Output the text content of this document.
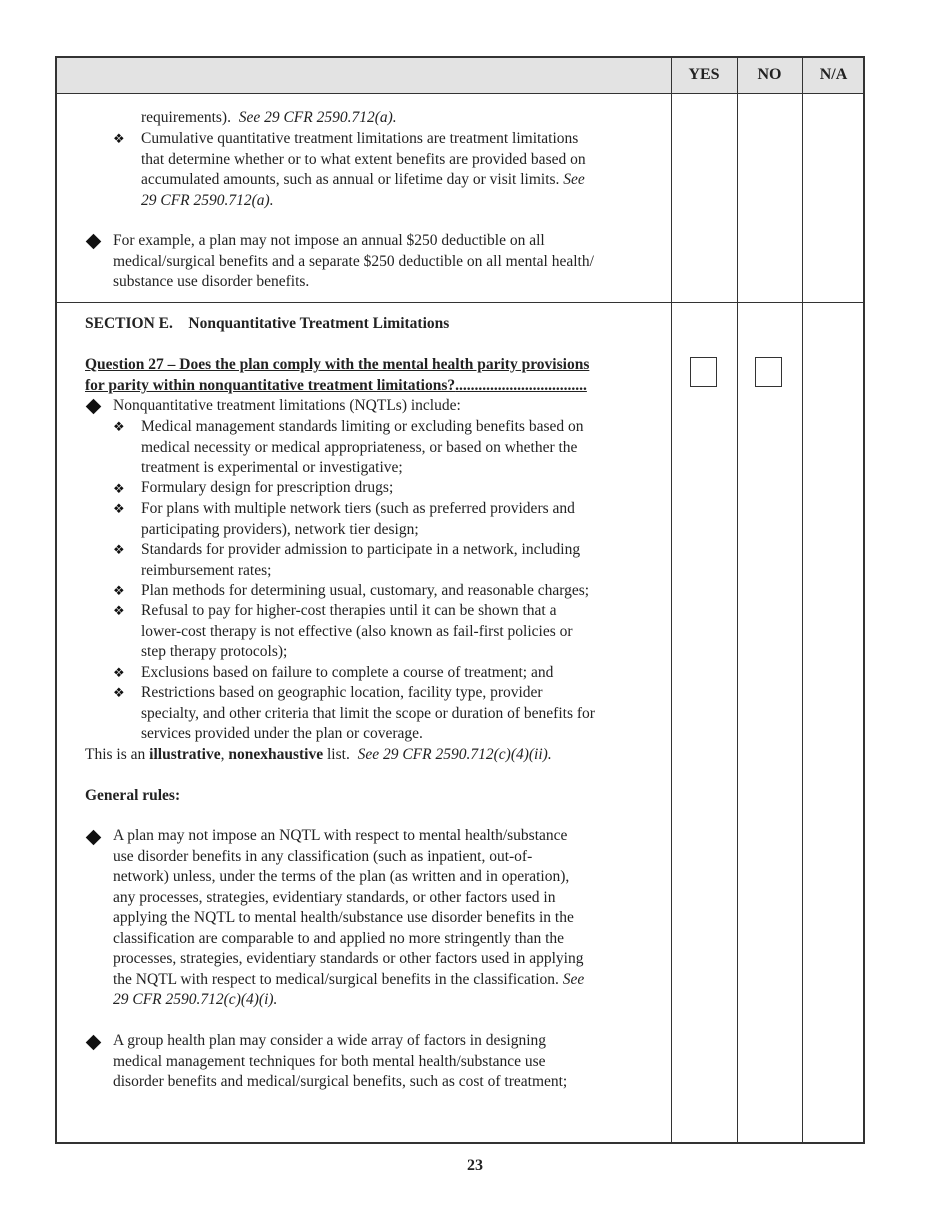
YES	NO	N/A

requirements). See 29 CFR 2590.712(a).

❖ Cumulative quantitative treatment limitations are treatment limitations
that determine whether or to what extent benefits are provided based on
accumulated amounts, such as annual or lifetime day or visit limits. See
29 CFR 2590.712(a).

For example, a plan may not impose an annual $250 deductible on all
medical/surgical benefits and a separate $250 deductible on all mental health/
substance use disorder benefits.

SECTION E. Nonquantitative Treatment Limitations

Question 27 – Does the plan comply with the mental health parity provisions
for parity within nonquantitative treatment limitations?..................................

Nonquantitative treatment limitations (NQTLs) include:

❖ Medical management standards limiting or excluding benefits based on
medical necessity or medical appropriateness, or based on whether the
treatment is experimental or investigative;

❖ Formulary design for prescription drugs;

❖ For plans with multiple network tiers (such as preferred providers and
participating providers), network tier design;

❖ Standards for provider admission to participate in a network, including
reimbursement rates;

❖ Plan methods for determining usual, customary, and reasonable charges;

❖ Refusal to pay for higher-cost therapies until it can be shown that a
lower-cost therapy is not effective (also known as fail-first policies or
step therapy protocols);

❖ Exclusions based on failure to complete a course of treatment; and

❖ Restrictions based on geographic location, facility type, provider
specialty, and other criteria that limit the scope or duration of benefits for
services provided under the plan or coverage.

This is an illustrative, nonexhaustive list. See 29 CFR 2590.712(c)(4)(ii).

General rules:

A plan may not impose an NQTL with respect to mental health/substance
use disorder benefits in any classification (such as inpatient, out-of-
network) unless, under the terms of the plan (as written and in operation),
any processes, strategies, evidentiary standards, or other factors used in
applying the NQTL to mental health/substance use disorder benefits in the
classification are comparable to and applied no more stringently than the
processes, strategies, evidentiary standards or other factors used in applying
the NQTL with respect to medical/surgical benefits in the classification. See
29 CFR 2590.712(c)(4)(i).

A group health plan may consider a wide array of factors in designing
medical management techniques for both mental health/substance use
disorder benefits and medical/surgical benefits, such as cost of treatment;

23
